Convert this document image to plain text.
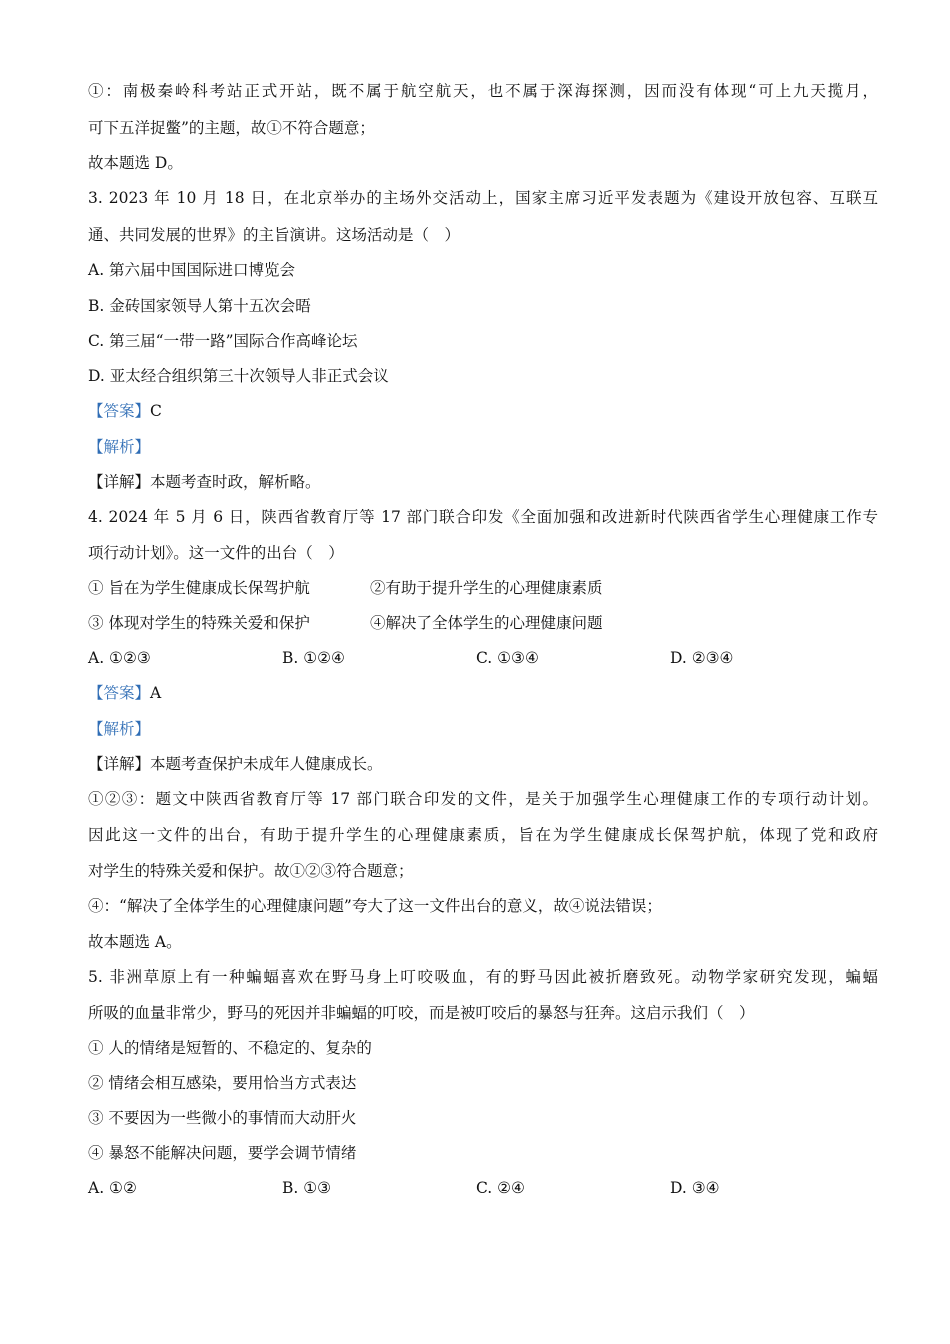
①：南极秦岭科考站正式开站，既不属于航空航天，也不属于深海探测，因而没有体现“可上九天揽月，
可下五洋捉鳖”的主题，故①不符合题意；
故本题选 D。
3. 2023 年 10 月 18 日，在北京举办的主场外交活动上，国家主席习近平发表题为《建设开放包容、互联互
通、共同发展的世界》的主旨演讲。这场活动是（　）
A. 第六届中国国际进口博览会
B. 金砖国家领导人第十五次会晤
C. 第三届“一带一路”国际合作高峰论坛
D. 亚太经合组织第三十次领导人非正式会议
【答案】C
【解析】
【详解】本题考查时政，解析略。
4. 2024 年 5 月 6 日，陕西省教育厅等 17 部门联合印发《全面加强和改进新时代陕西省学生心理健康工作专
项行动计划》。这一文件的出台（　）
① 旨在为学生健康成长保驾护航	②有助于提升学生的心理健康素质
③ 体现对学生的特殊关爱和保护	④解决了全体学生的心理健康问题
A. ①②③	B. ①②④	C. ①③④	D. ②③④
【答案】A
【解析】
【详解】本题考查保护未成年人健康成长。
①②③：题文中陕西省教育厅等 17 部门联合印发的文件，是关于加强学生心理健康工作的专项行动计划。
因此这一文件的出台，有助于提升学生的心理健康素质，旨在为学生健康成长保驾护航，体现了党和政府
对学生的特殊关爱和保护。故①②③符合题意；
④：“解决了全体学生的心理健康问题”夸大了这一文件出台的意义，故④说法错误；
故本题选 A。
5. 非洲草原上有一种蝙蝠喜欢在野马身上叮咬吸血，有的野马因此被折磨致死。动物学家研究发现，蝙蝠
所吸的血量非常少，野马的死因并非蝙蝠的叮咬，而是被叮咬后的暴怒与狂奔。这启示我们（　）
① 人的情绪是短暂的、不稳定的、复杂的
② 情绪会相互感染，要用恰当方式表达
③ 不要因为一些微小的事情而大动肝火
④ 暴怒不能解决问题，要学会调节情绪
A. ①②	B. ①③	C. ②④	D. ③④
